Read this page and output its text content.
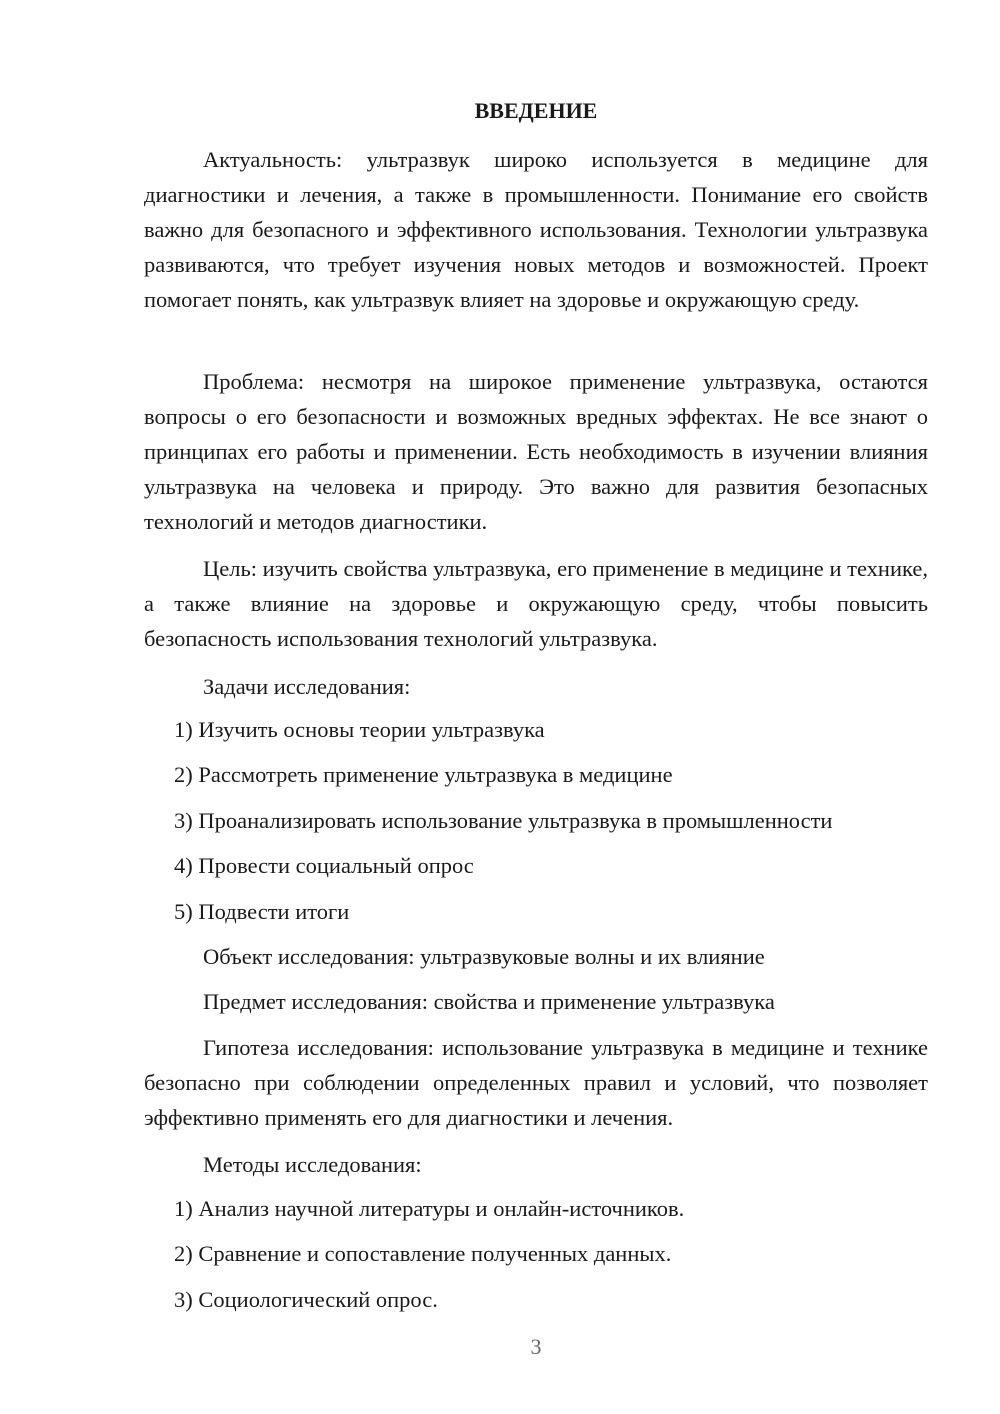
ВВЕДЕНИЕ

Актуальность: ультразвук широко используется в медицине для диагностики и лечения, а также в промышленности. Понимание его свойств важно для безопасного и эффективного использования. Технологии ультразвука развиваются, что требует изучения новых методов и возможностей. Проект помогает понять, как ультразвук влияет на здоровье и окружающую среду.

Проблема: несмотря на широкое применение ультразвука, остаются вопросы о его безопасности и возможных вредных эффектах. Не все знают о принципах его работы и применении. Есть необходимость в изучении влияния ультразвука на человека и природу. Это важно для развития безопасных технологий и методов диагностики.

Цель: изучить свойства ультразвука, его применение в медицине и технике, а также влияние на здоровье и окружающую среду, чтобы повысить безопасность использования технологий ультразвука.

Задачи исследования:
1) Изучить основы теории ультразвука
2) Рассмотреть применение ультразвука в медицине
3) Проанализировать использование ультразвука в промышленности
4) Провести социальный опрос
5) Подвести итоги
Объект исследования: ультразвуковые волны и их влияние
Предмет исследования: свойства и применение ультразвука

Гипотеза исследования: использование ультразвука в медицине и технике безопасно при соблюдении определенных правил и условий, что позволяет эффективно применять его для диагностики и лечения.

Методы исследования:
1) Анализ научной литературы и онлайн-источников.
2) Сравнение и сопоставление полученных данных.
3) Социологический опрос.
3
